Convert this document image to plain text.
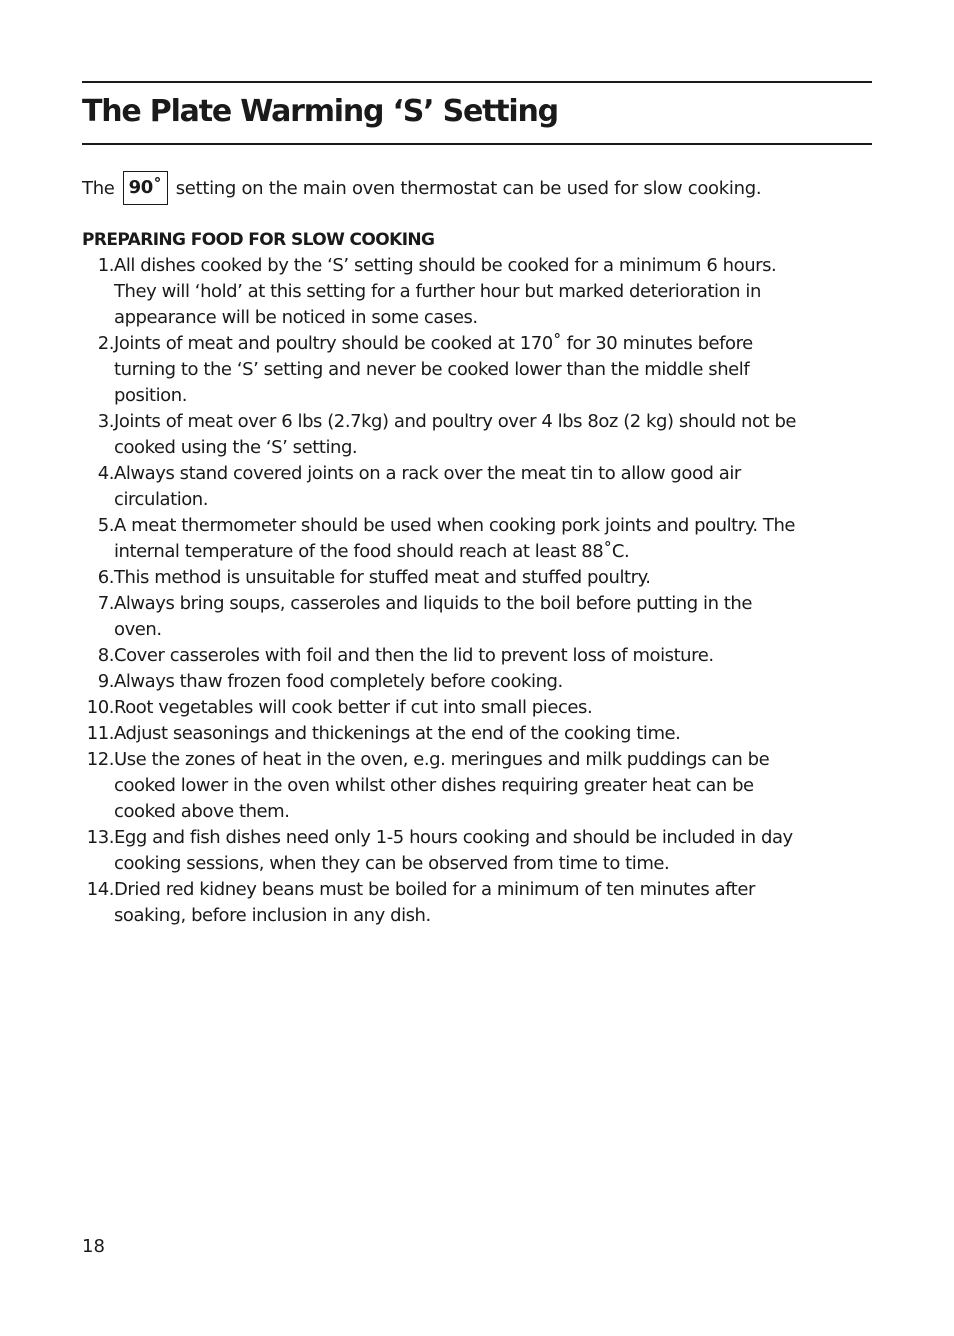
The Plate Warming ‘S’ Setting
The 90˚ setting on the main oven thermostat can be used for slow cooking.
PREPARING FOOD FOR SLOW COOKING
1. All dishes cooked by the ‘S’ setting should be cooked for a minimum 6 hours. They will ‘hold’ at this setting for a further hour but marked deterioration in appearance will be noticed in some cases.
2. Joints of meat and poultry should be cooked at 170˚ for 30 minutes before turning to the ‘S’ setting and never be cooked lower than the middle shelf position.
3. Joints of meat over 6 lbs (2.7kg) and poultry over 4 lbs 8oz (2 kg) should not be cooked using the ‘S’ setting.
4. Always stand covered joints on a rack over the meat tin to allow good air circulation.
5. A meat thermometer should be used when cooking pork joints and poultry. The internal temperature of the food should reach at least 88˚C.
6. This method is unsuitable for stuffed meat and stuffed poultry.
7. Always bring soups, casseroles and liquids to the boil before putting in the oven.
8. Cover casseroles with foil and then the lid to prevent loss of moisture.
9. Always thaw frozen food completely before cooking.
10. Root vegetables will cook better if cut into small pieces.
11. Adjust seasonings and thickenings at the end of the cooking time.
12. Use the zones of heat in the oven, e.g. meringues and milk puddings can be cooked lower in the oven whilst other dishes requiring greater heat can be cooked above them.
13. Egg and fish dishes need only 1-5 hours cooking and should be included in day cooking sessions, when they can be observed from time to time.
14. Dried red kidney beans must be boiled for a minimum of ten minutes after soaking, before inclusion in any dish.
18
